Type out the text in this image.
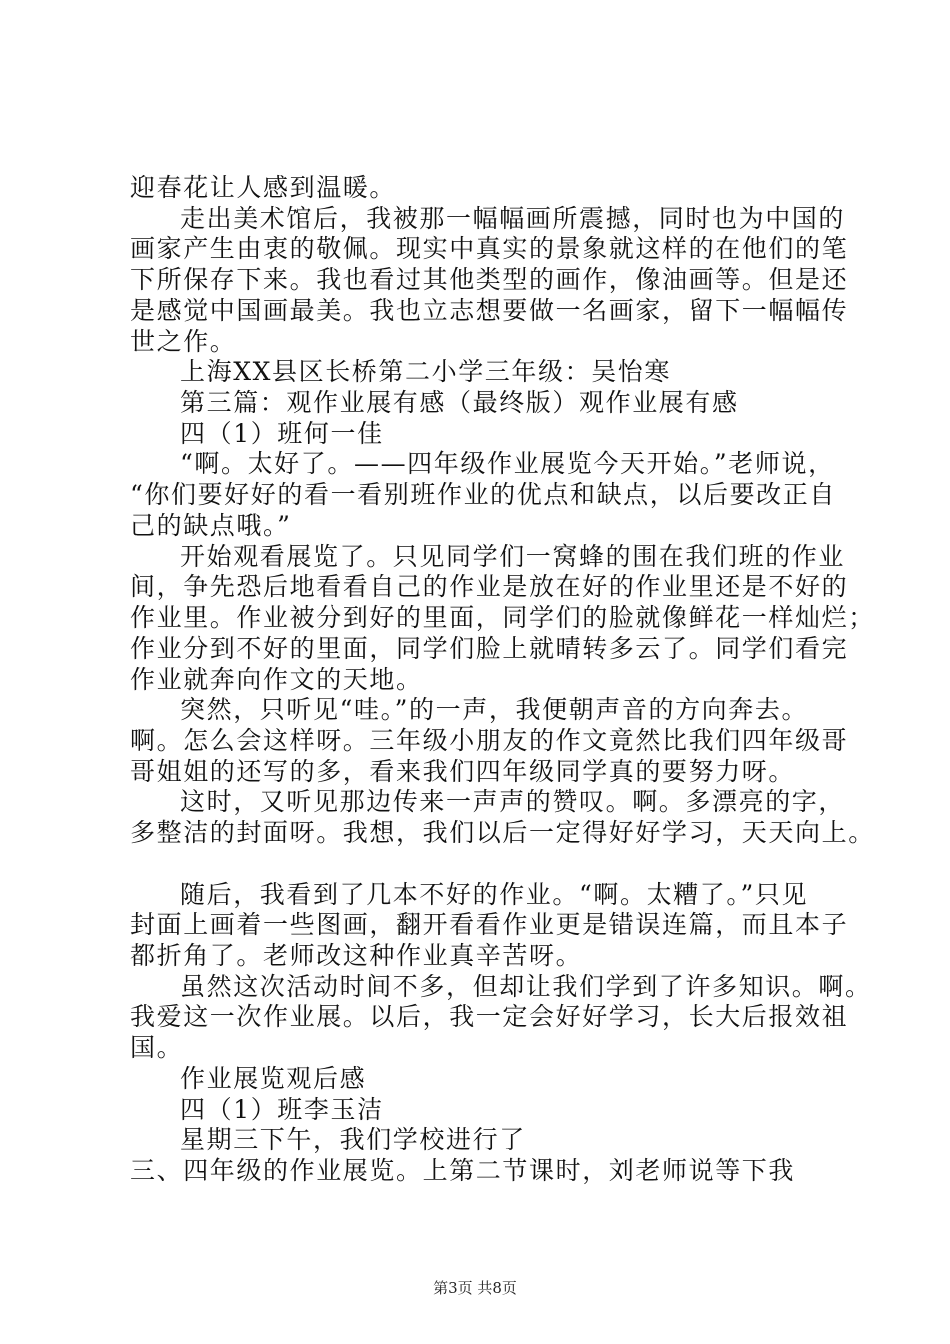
迎春花让人感到温暖。
走出美术馆后，我被那一幅幅画所震撼，同时也为中国的
画家产生由衷的敬佩。现实中真实的景象就这样的在他们的笔
下所保存下来。我也看过其他类型的画作，像油画等。但是还
是感觉中国画最美。我也立志想要做一名画家，留下一幅幅传
世之作。
上海XX县区长桥第二小学三年级：吴怡寒
第三篇：观作业展有感（最终版）观作业展有感
四（1）班何一佳
“啊。太好了。——四年级作业展览今天开始。”老师说，
“你们要好好的看一看别班作业的优点和缺点，以后要改正自
己的缺点哦。”
开始观看展览了。只见同学们一窝蜂的围在我们班的作业
间，争先恐后地看看自己的作业是放在好的作业里还是不好的
作业里。作业被分到好的里面，同学们的脸就像鲜花一样灿烂；
作业分到不好的里面，同学们脸上就晴转多云了。同学们看完
作业就奔向作文的天地。
突然，只听见“哇。”的一声，我便朝声音的方向奔去。
啊。怎么会这样呀。三年级小朋友的作文竟然比我们四年级哥
哥姐姐的还写的多，看来我们四年级同学真的要努力呀。
这时，又听见那边传来一声声的赞叹。啊。多漂亮的字，
多整洁的封面呀。我想，我们以后一定得好好学习，天天向上。
随后，我看到了几本不好的作业。“啊。太糟了。”只见
封面上画着一些图画，翻开看看作业更是错误连篇，而且本子
都折角了。老师改这种作业真辛苦呀。
虽然这次活动时间不多，但却让我们学到了许多知识。啊。
我爱这一次作业展。以后，我一定会好好学习，长大后报效祖
国。
作业展览观后感
四（1）班李玉洁
星期三下午，我们学校进行了
三、四年级的作业展览。上第二节课时，刘老师说等下我
第3页 共8页
